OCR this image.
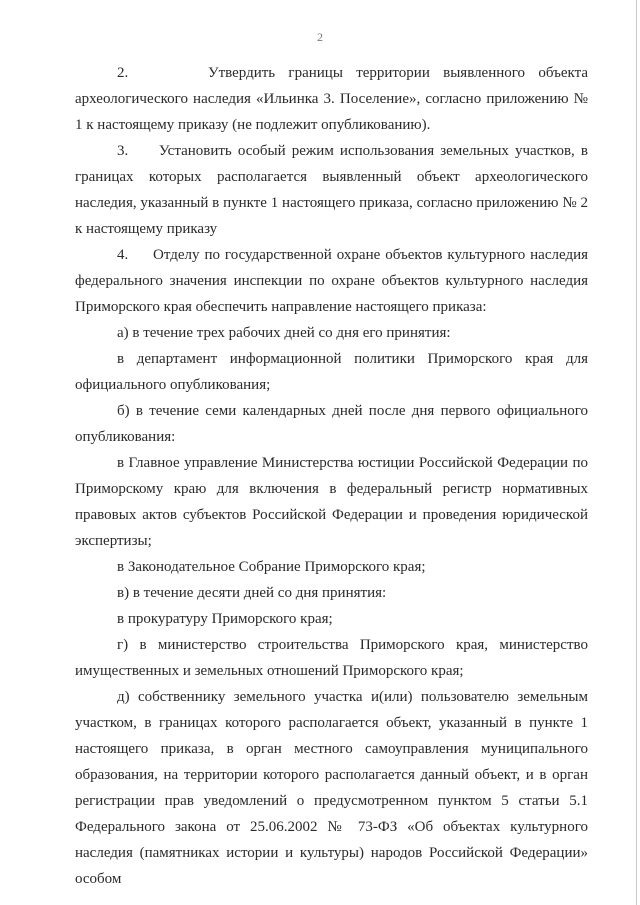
2

2.      Утвердить границы территории выявленного объекта археологического наследия «Ильинка 3. Поселение», согласно приложению № 1 к настоящему приказу (не подлежит опубликованию).

3.     Установить особый режим использования земельных участков, в границах которых располагается выявленный объект археологического наследия, указанный в пункте 1 настоящего приказа, согласно приложению № 2 к настоящему приказу

4.     Отделу по государственной охране объектов культурного наследия федерального значения инспекции по охране объектов культурного наследия Приморского края обеспечить направление настоящего приказа:

а) в течение трех рабочих дней со дня его принятия:

в департамент информационной политики Приморского края для официального опубликования;

б) в течение семи календарных дней после дня первого официального опубликования:

в Главное управление Министерства юстиции Российской Федерации по Приморскому краю для включения в федеральный регистр нормативных правовых актов субъектов Российской Федерации и проведения юридической экспертизы;

в Законодательное Собрание Приморского края;

в) в течение десяти дней со дня принятия:

в прокуратуру Приморского края;

г) в министерство строительства Приморского края, министерство имущественных и земельных отношений Приморского края;

д) собственнику земельного участка и(или) пользователю земельным участком, в границах которого располагается объект, указанный в пункте 1 настоящего приказа, в орган местного самоуправления муниципального образования, на территории которого располагается данный объект, и в орган регистрации прав уведомлений о предусмотренном пунктом 5 статьи 5.1 Федерального закона от 25.06.2002 № 73-ФЗ «Об объектах культурного наследия (памятниках истории и культуры) народов Российской Федерации» особом
